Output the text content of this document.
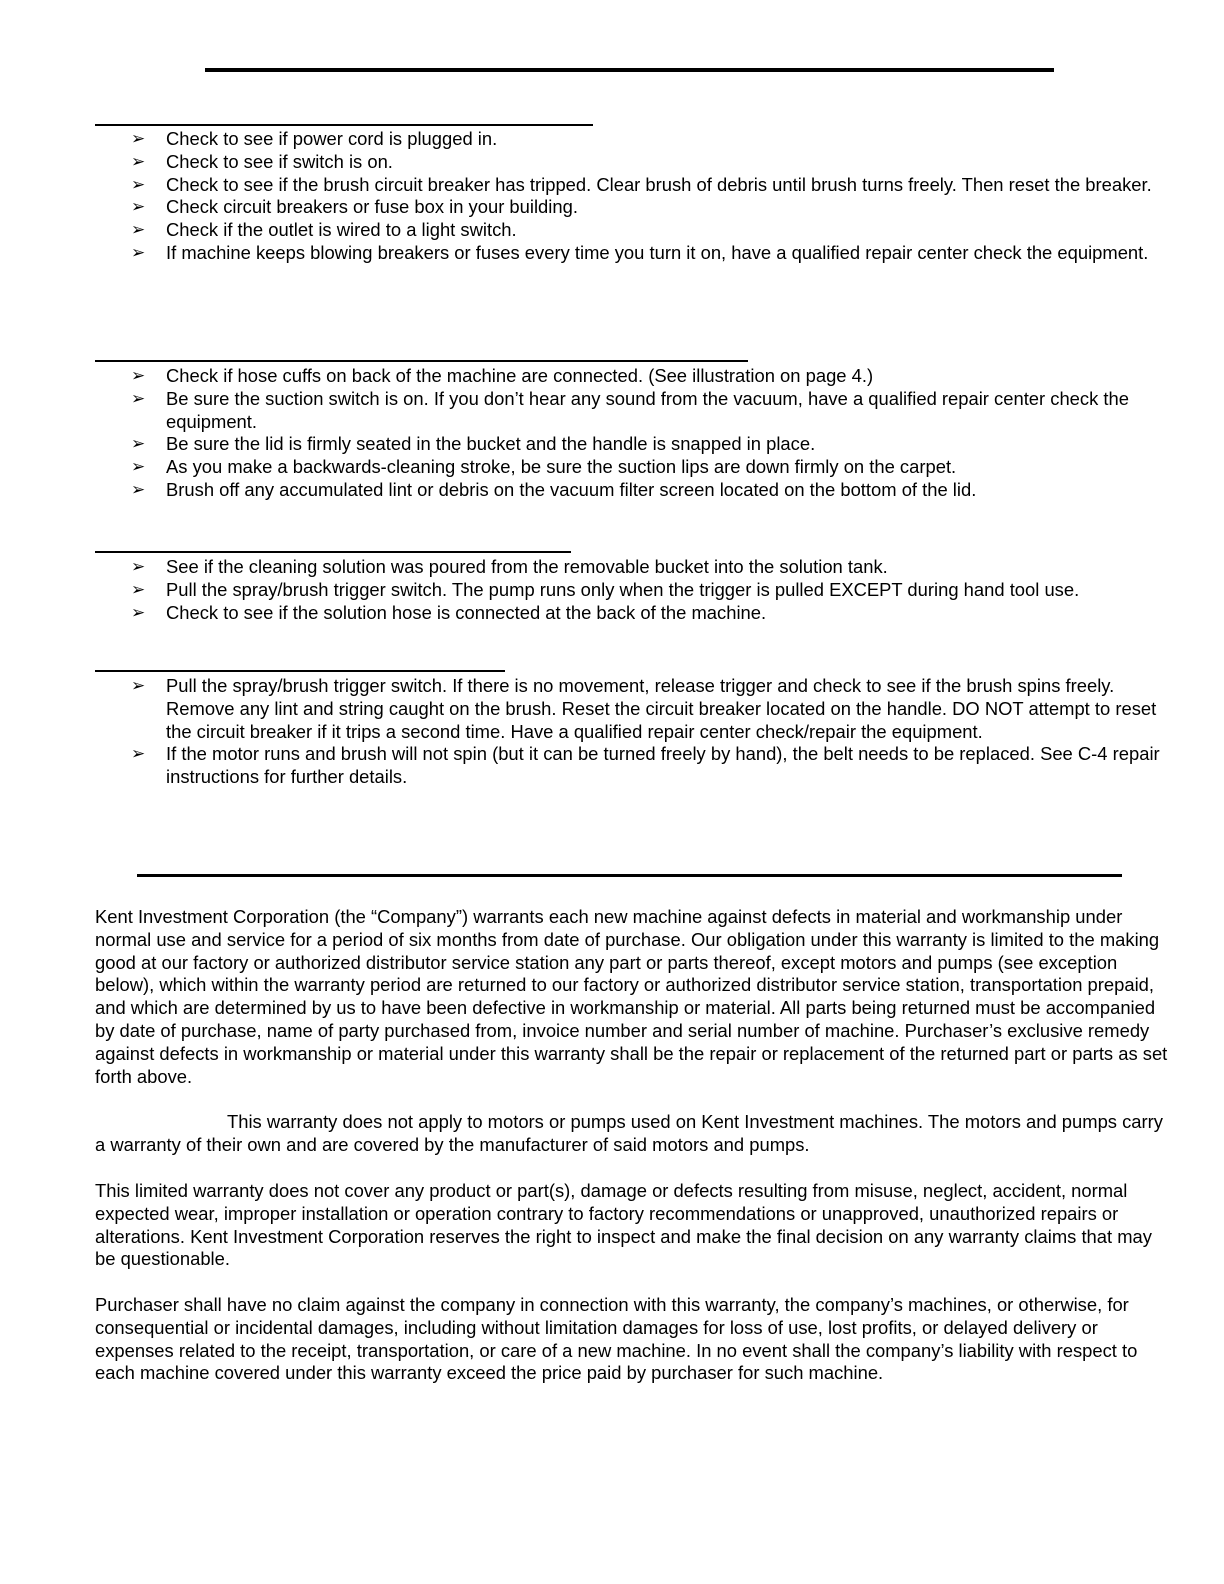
➢ Check to see if power cord is plugged in.
➢ Check to see if switch is on.
➢ Check to see if the brush circuit breaker has tripped. Clear brush of debris until brush turns freely. Then reset the breaker.
➢ Check circuit breakers or fuse box in your building.
➢ Check if the outlet is wired to a light switch.
➢ If machine keeps blowing breakers or fuses every time you turn it on, have a qualified repair center check the equipment.
➢ Check if hose cuffs on back of the machine are connected. (See illustration on page 4.)
➢ Be sure the suction switch is on. If you don’t hear any sound from the vacuum, have a qualified repair center check the equipment.
➢ Be sure the lid is firmly seated in the bucket and the handle is snapped in place.
➢ As you make a backwards-cleaning stroke, be sure the suction lips are down firmly on the carpet.
➢ Brush off any accumulated lint or debris on the vacuum filter screen located on the bottom of the lid.
➢ See if the cleaning solution was poured from the removable bucket into the solution tank.
➢ Pull the spray/brush trigger switch. The pump runs only when the trigger is pulled EXCEPT during hand tool use.
➢ Check to see if the solution hose is connected at the back of the machine.
➢ Pull the spray/brush trigger switch. If there is no movement, release trigger and check to see if the brush spins freely. Remove any lint and string caught on the brush. Reset the circuit breaker located on the handle. DO NOT attempt to reset the circuit breaker if it trips a second time. Have a qualified repair center check/repair the equipment.
➢ If the motor runs and brush will not spin (but it can be turned freely by hand), the belt needs to be replaced. See C-4 repair instructions for further details.

Kent Investment Corporation (the “Company”) warrants each new machine against defects in material and workmanship under normal use and service for a period of six months from date of purchase. Our obligation under this warranty is limited to the making good at our factory or authorized distributor service station any part or parts thereof, except motors and pumps (see exception below), which within the warranty period are returned to our factory or authorized distributor service station, transportation prepaid, and which are determined by us to have been defective in workmanship or material. All parts being returned must be accompanied by date of purchase, name of party purchased from, invoice number and serial number of machine. Purchaser’s exclusive remedy against defects in workmanship or material under this warranty shall be the repair or replacement of the returned part or parts as set forth above.

This warranty does not apply to motors or pumps used on Kent Investment machines. The motors and pumps carry a warranty of their own and are covered by the manufacturer of said motors and pumps.

This limited warranty does not cover any product or part(s), damage or defects resulting from misuse, neglect, accident, normal expected wear, improper installation or operation contrary to factory recommendations or unapproved, unauthorized repairs or alterations. Kent Investment Corporation reserves the right to inspect and make the final decision on any warranty claims that may be questionable.

Purchaser shall have no claim against the company in connection with this warranty, the company’s machines, or otherwise, for consequential or incidental damages, including without limitation damages for loss of use, lost profits, or delayed delivery or expenses related to the receipt, transportation, or care of a new machine. In no event shall the company’s liability with respect to each machine covered under this warranty exceed the price paid by purchaser for such machine.
